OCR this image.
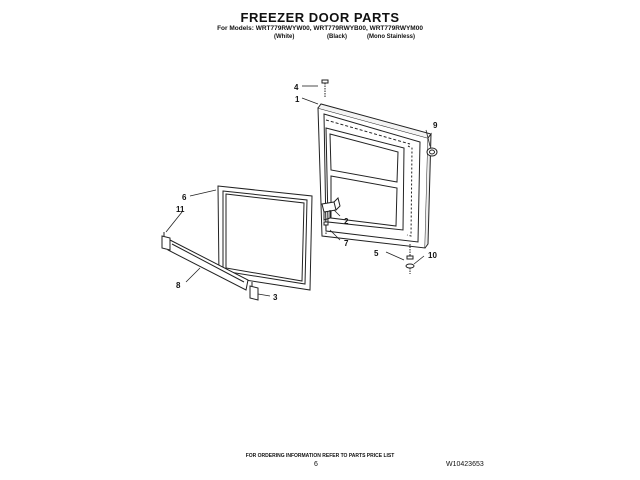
FREEZER DOOR PARTS
For Models: WRT779RWYW00, WRT779RWYB00, WRT779RWYM00
(White)	(Black)	(Mono Stainless)
1
2
3
4
5
6
7
8
9
10
11
FOR ORDERING INFORMATION REFER TO PARTS PRICE LIST
6	W10423653
